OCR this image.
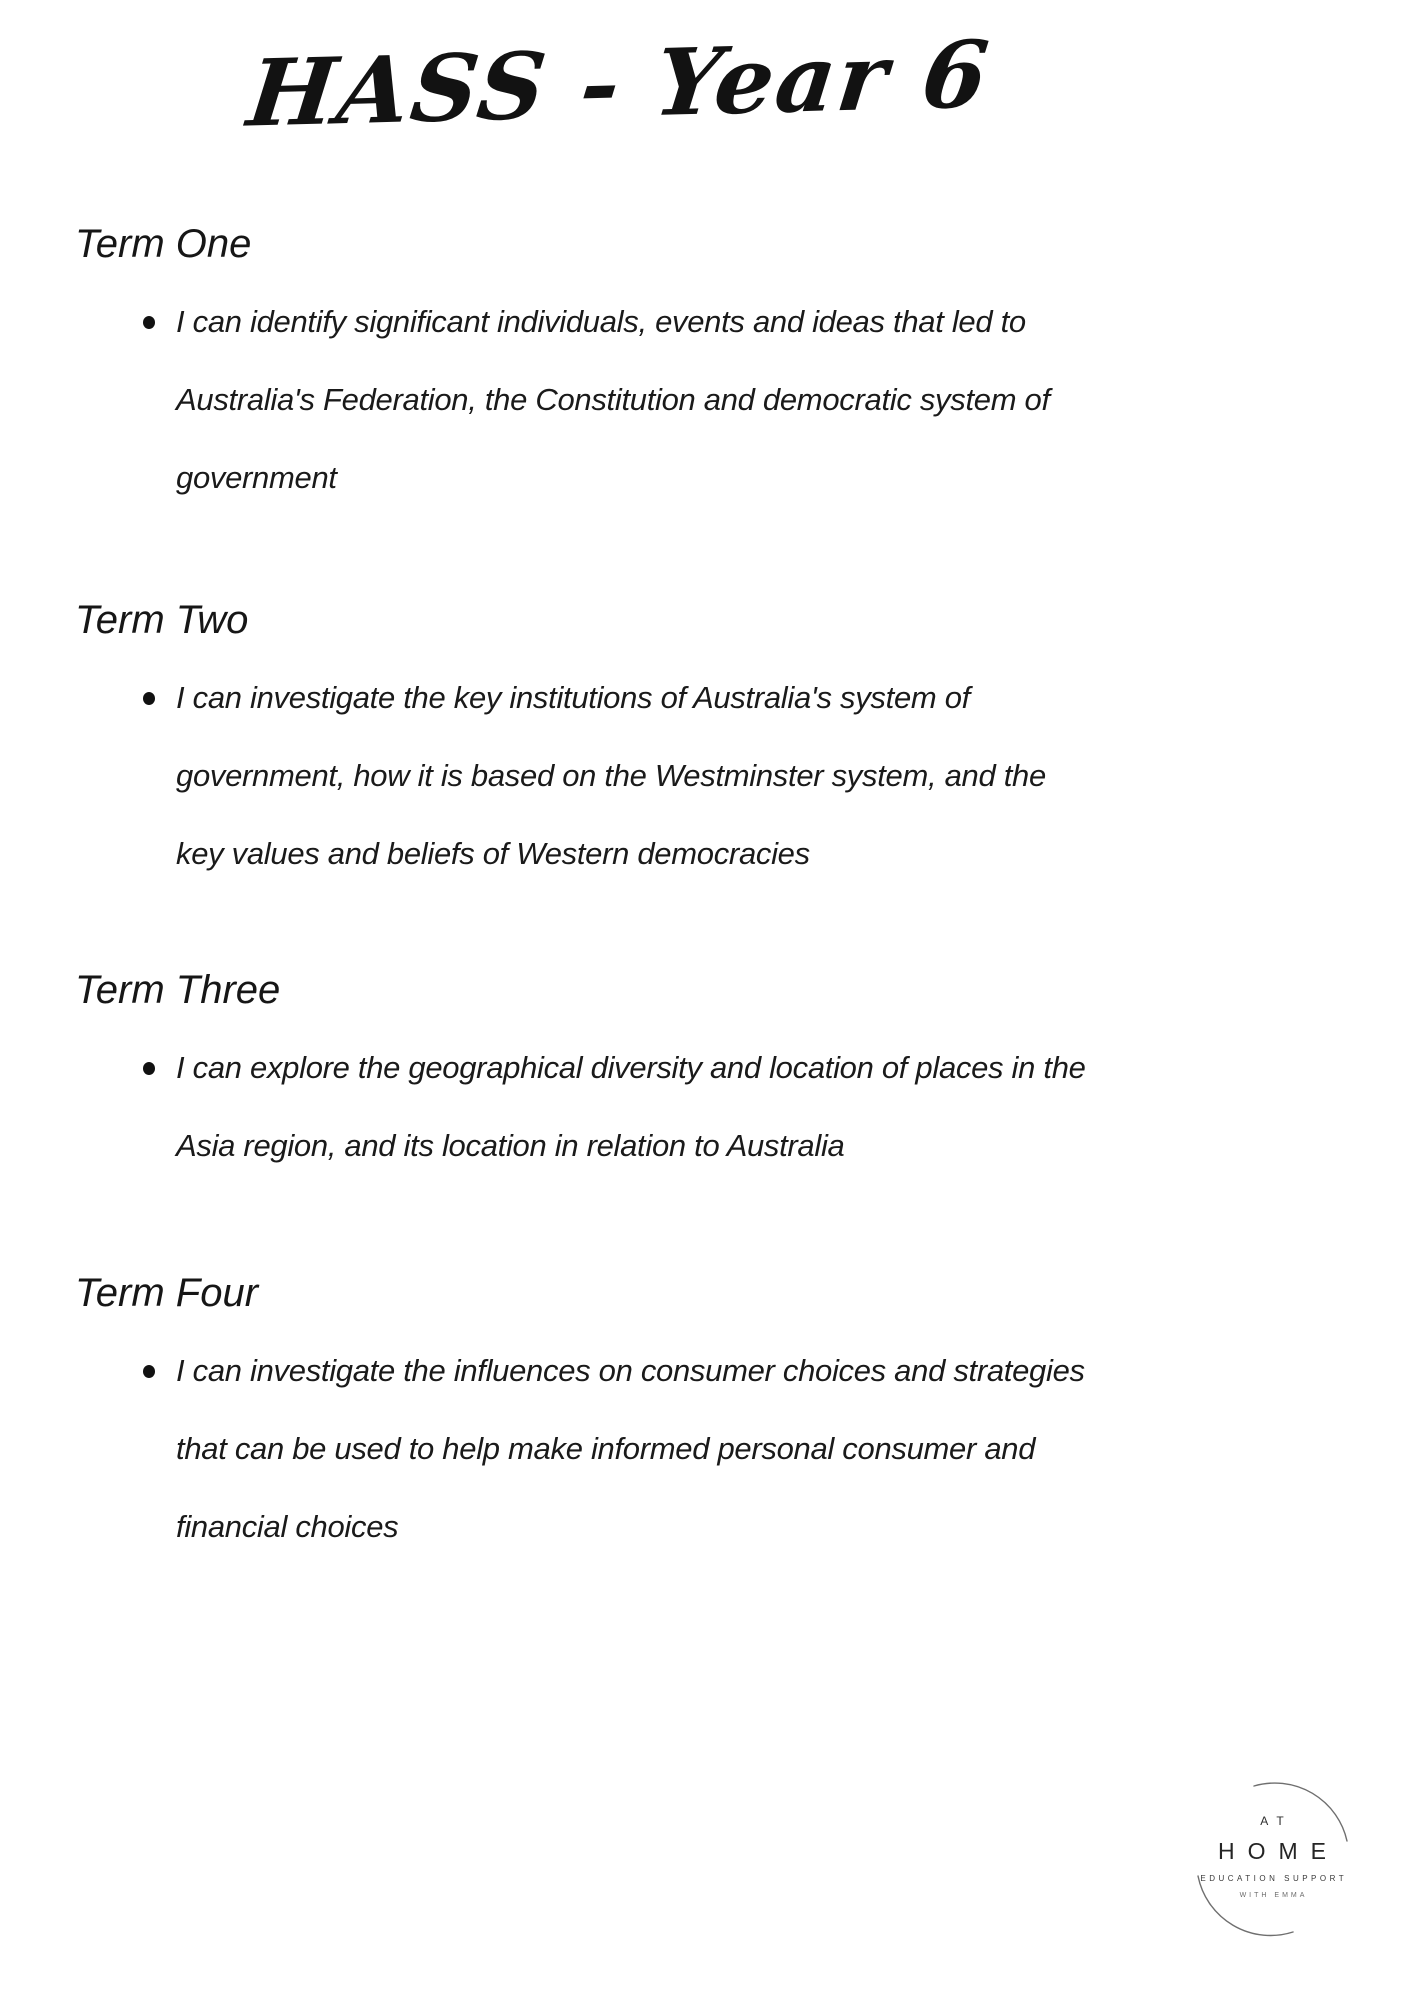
HASS - Year 6
Term One
I can identify significant individuals, events and ideas that led to
Australia's Federation, the Constitution and democratic system of
government
Term Two
I can investigate the key institutions of Australia's system of
government, how it is based on the Westminster system, and the
key values and beliefs of Western democracies
Term Three
I can explore the geographical diversity and location of places in the
Asia region, and its location in relation to Australia
Term Four
I can investigate the influences on consumer choices and strategies
that can be used to help make informed personal consumer and
financial choices
AT
HOME
EDUCATION SUPPORT
WITH EMMA
